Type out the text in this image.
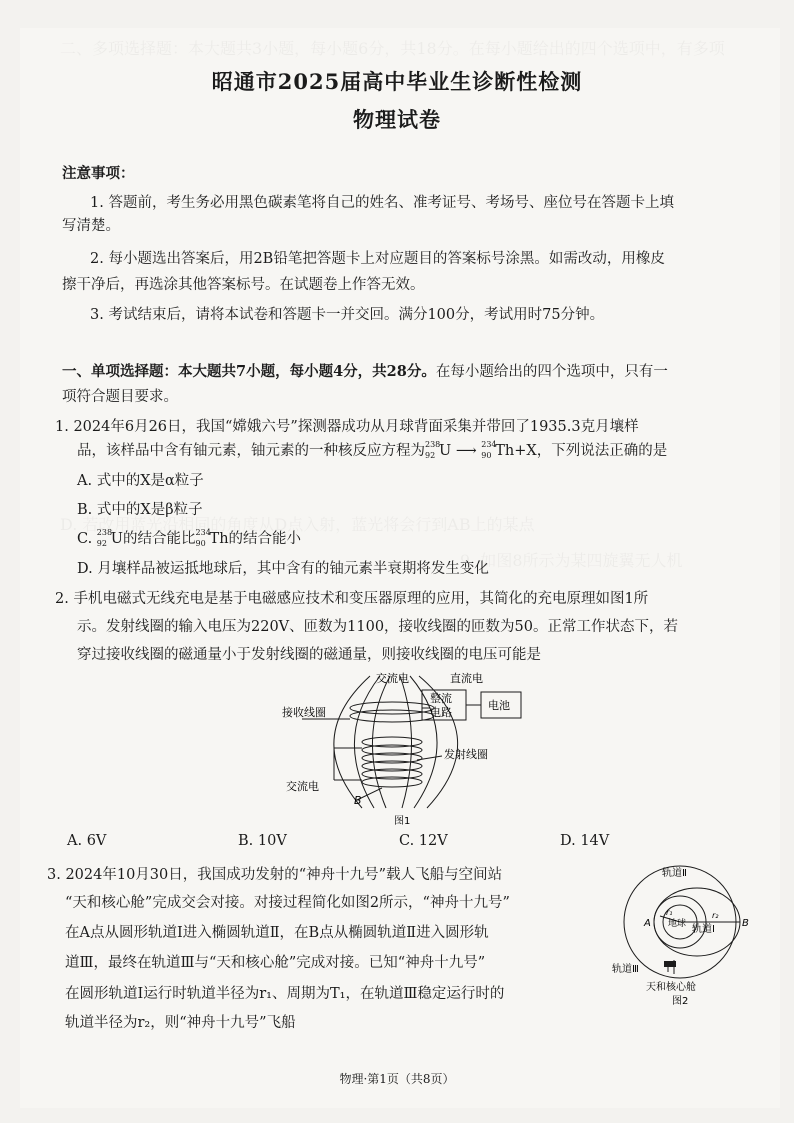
昭通市2025届高中毕业生诊断性检测
物理试卷
注意事项：
1. 答题前，考生务必用黑色碳素笔将自己的姓名、准考证号、考场号、座位号在答题卡上填
写清楚。
2. 每小题选出答案后，用2B铅笔把答题卡上对应题目的答案标号涂黑。如需改动，用橡皮
擦干净后，再选涂其他答案标号。在试题卷上作答无效。
3. 考试结束后，请将本试卷和答题卡一并交回。满分100分，考试用时75分钟。
一、单项选择题：本大题共7小题，每小题4分，共28分。在每小题给出的四个选项中，只有一
项符合题目要求。
1. 2024年6月26日，我国“嫦娥六号”探测器成功从月球背面采集并带回了1935.3克月壤样
品，该样品中含有铀元素，铀元素的一种核反应方程为 238
92 U ⟶ 234
90 Th+X，下列说法正确的是
A. 式中的X是α粒子
B. 式中的X是β粒子
C. 238
92 U的结合能比 234
90 Th的结合能小
D. 月壤样品被运抵地球后，其中含有的铀元素半衰期将发生变化
2. 手机电磁式无线充电是基于电磁感应技术和变压器原理的应用，其简化的充电原理如图1所
示。发射线圈的输入电压为220V、匝数为1100，接收线圈的匝数为50。正常工作状态下，若
穿过接收线圈的磁通量小于发射线圈的磁通量，则接收线圈的电压可能是
接收线圈
交流电	直流电
整流
电路
电池
发射线圈
交流电
B
图1
A. 6V	B. 10V	C. 12V	D. 14V
3. 2024年10月30日，我国成功发射的“神舟十九号”载人飞船与空间站
“天和核心舱”完成交会对接。对接过程简化如图2所示，“神舟十九号”
在A点从圆形轨道Ⅰ进入椭圆轨道Ⅱ，在B点从椭圆轨道Ⅱ进入圆形轨
道Ⅲ，最终在轨道Ⅲ与“天和核心舱”完成对接。已知“神舟十九号”
在圆形轨道Ⅰ运行时轨道半径为r₁、周期为T₁，在轨道Ⅲ稳定运行时的
轨道半径为r₂，则“神舟十九号”飞船
轨道Ⅱ
轨道Ⅰ
轨道Ⅲ
地球
r₁	r₂
A	B
天和核心舱
图2
物理·第1页（共8页）
